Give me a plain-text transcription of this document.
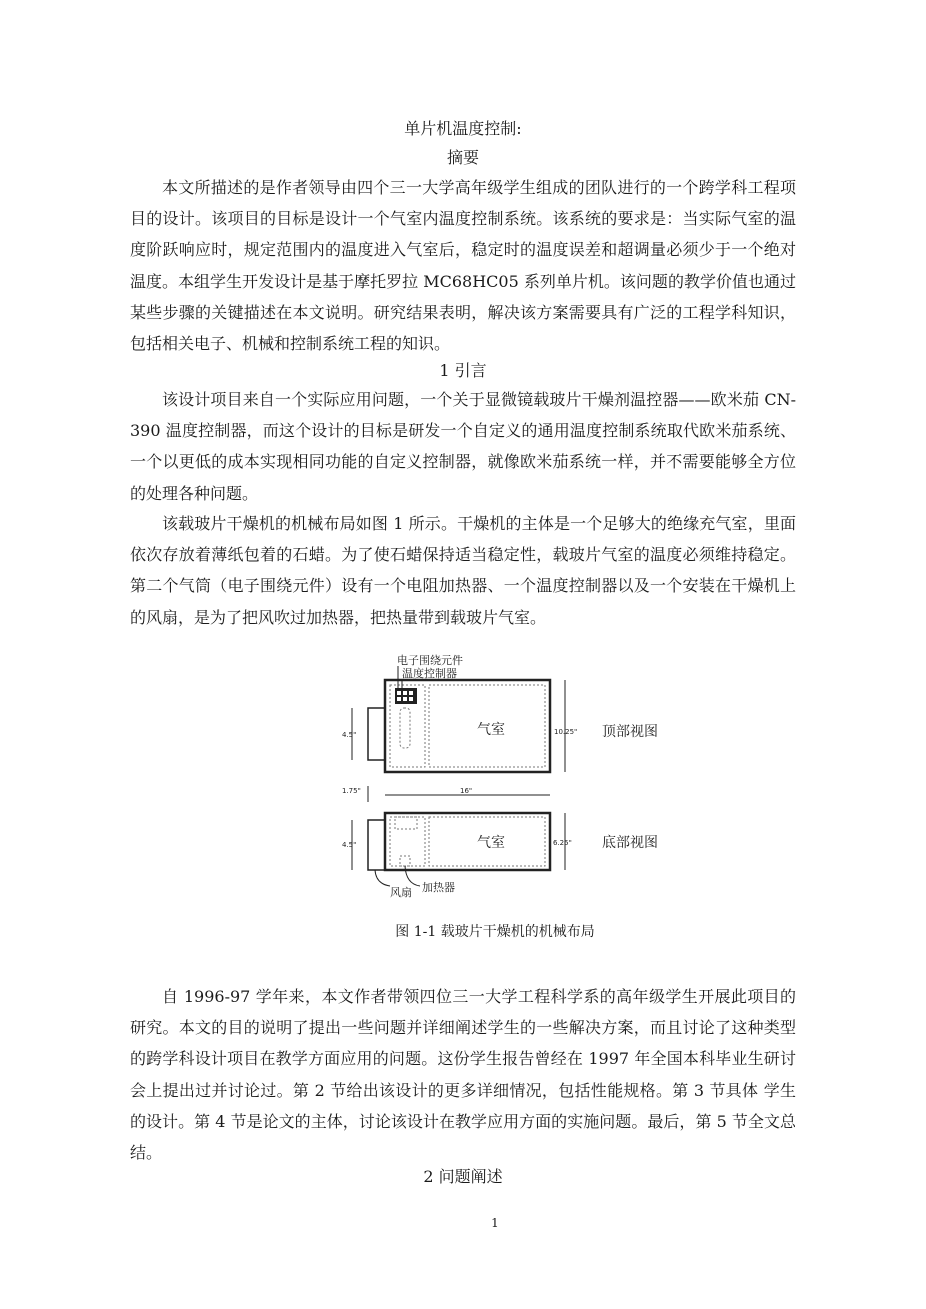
单片机温度控制:
摘要

本文所描述的是作者领导由四个三一大学高年级学生组成的团队进行的一个跨学科工程项目的设计。该项目的目标是设计一个气室内温度控制系统。该系统的要求是：当实际气室的温度阶跃响应时，规定范围内的温度进入气室后，稳定时的温度误差和超调量必须少于一个绝对温度。本组学生开发设计是基于摩托罗拉 MC68HC05 系列单片机。该问题的教学价值也通过某些步骤的关键描述在本文说明。研究结果表明，解决该方案需要具有广泛的工程学科知识，包括相关电子、机械和控制系统工程的知识。

1 引言

该设计项目来自一个实际应用问题，一个关于显微镜载玻片干燥剂温控器——欧米茄 CN-390 温度控制器，而这个设计的目标是研发一个自定义的通用温度控制系统取代欧米茄系统、一个以更低的成本实现相同功能的自定义控制器，就像欧米茄系统一样，并不需要能够全方位的处理各种问题。

该载玻片干燥机的机械布局如图 1 所示。干燥机的主体是一个足够大的绝缘充气室，里面依次存放着薄纸包着的石蜡。为了使石蜡保持适当稳定性，载玻片气室的温度必须维持稳定。第二个气筒（电子围绕元件）设有一个电阻加热器、一个温度控制器以及一个安装在干燥机上的风扇，是为了把风吹过加热器，把热量带到载玻片气室。

电子围绕元件
温度控制器
气室	10.25" 顶部视图
4.5"
16"
1.75"
气室	6.25" 底部视图
4.5"
风扇 加热器
图 1-1 载玻片干燥机的机械布局

自 1996-97 学年来，本文作者带领四位三一大学工程科学系的高年级学生开展此项目的研究。本文的目的说明了提出一些问题并详细阐述学生的一些解决方案，而且讨论了这种类型的跨学科设计项目在教学方面应用的问题。这份学生报告曾经在 1997 年全国本科毕业生研讨会上提出过并讨论过。第 2 节给出该设计的更多详细情况，包括性能规格。第 3 节具体 学生的设计。第 4 节是论文的主体，讨论该设计在教学应用方面的实施问题。最后，第 5 节全文总结。

2 问题阐述
1
